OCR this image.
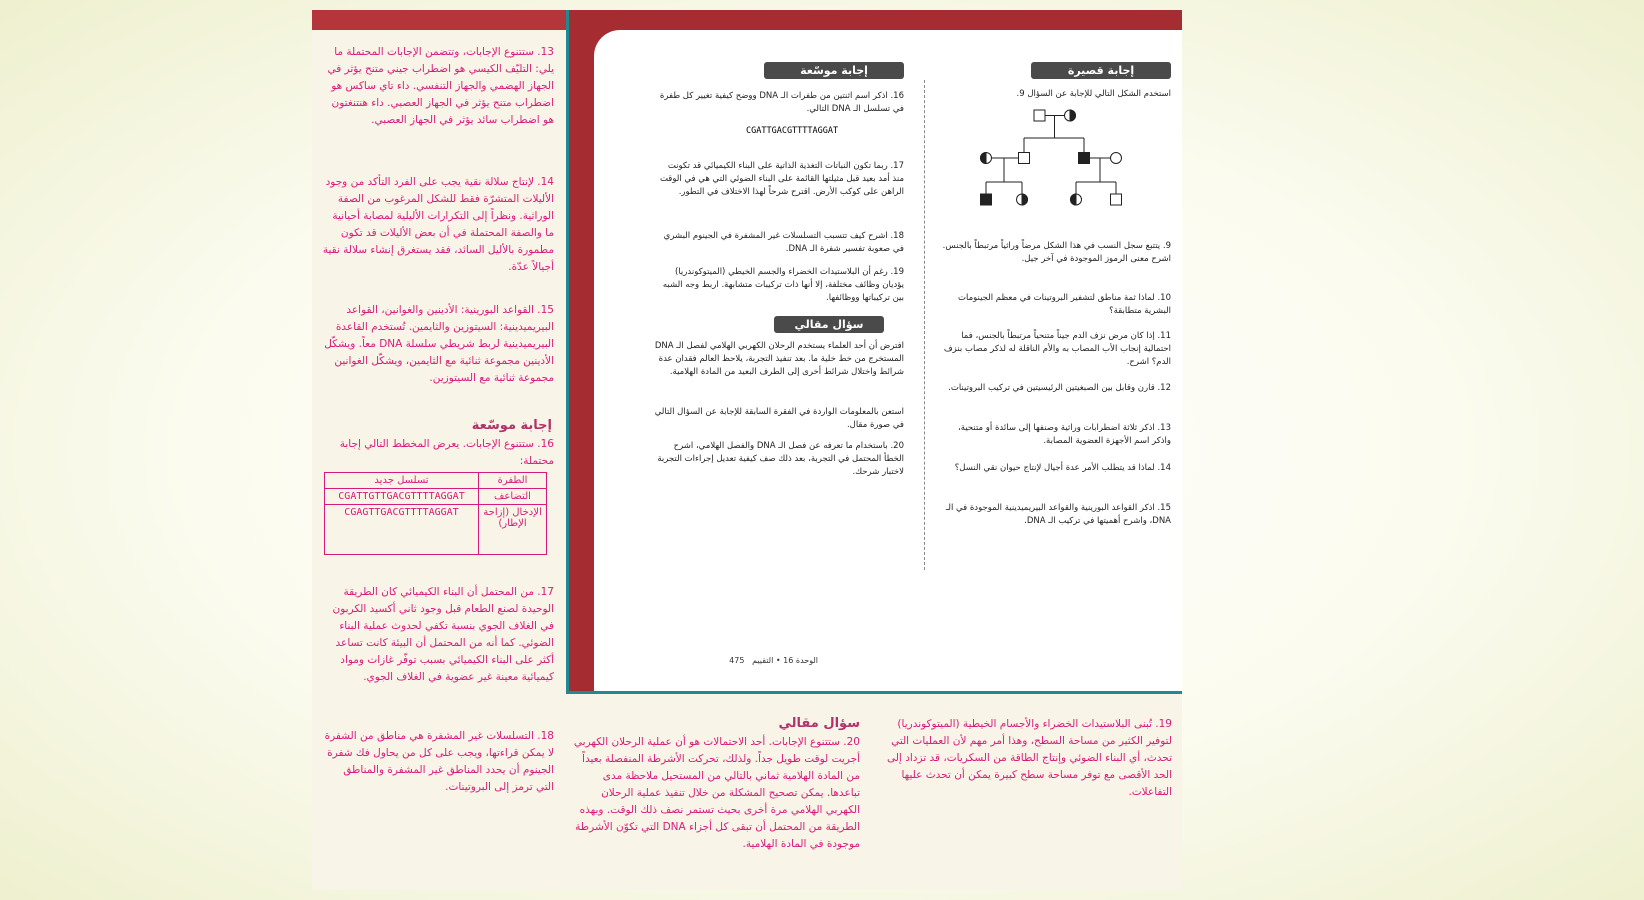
إجابة قصيرة
استخدم الشكل التالي للإجابة عن السؤال 9.
9. يتتبع سجل النسب في هذا الشكل مرضاً وراثياً مرتبطاً بالجنس. اشرح معنى الرموز الموجودة في آخر جيل.
10. لماذا ثمة مناطق لتشفير البروتينات في معظم الجينومات البشرية متطابقة؟
11. إذا كان مرض نزف الدم جيناً متنحياً مرتبطاً بالجنس، فما احتمالية إنجاب الأب المصاب به والأم الناقلة له لذكر مصاب بنزف الدم؟ اشرح.
12. قارن وقابل بين الصبغيتين الرئيسيتين في تركيب البروتينات.
13. اذكر ثلاثة اضطرابات وراثية وصنفها إلى سائدة أو متنحية، واذكر اسم الأجهزة العضوية المصابة.
14. لماذا قد يتطلب الأمر عدة أجيال لإنتاج حيوان نقي النسل؟
15. اذكر القواعد البورينية والقواعد البيريميدينية الموجودة في الـ DNA، واشرح أهميتها في تركيب الـ DNA.
إجابة موسّعة
16. اذكر اسم اثنتين من طفرات الـ DNA ووضح كيفية تغيير كل طفرة في تسلسل الـ DNA التالي.
CGATTGACGTTTTAGGAT
17. ربما تكون النباتات التغذية الذاتية على البناء الكيميائي قد تكونت منذ أمد بعيد قبل مثيلتها القائمة على البناء الضوئي التي هي في الوقت الراهن على كوكب الأرض. اقترح شرحاً لهذا الاختلاف في التطور.
18. اشرح كيف تتسبب التسلسلات غير المشفرة في الجينوم البشري في صعوبة تفسير شفرة الـ DNA.
19. رغم أن البلاستيدات الخضراء والجسم الخيطي (الميتوكوندريا) يؤديان وظائف مختلفة، إلا أنها ذات تركيبات متشابهة. اربط وجه الشبه بين تركيباتها ووظائفها.
سؤال مقالي
افترض أن أحد العلماء يستخدم الرحلان الكهربي الهلامي لفصل الـ DNA المستخرج من خط خلية ما. بعد تنفيذ التجربة، يلاحظ العالم فقدان عدة شرائط واختلال شرائط أخرى إلى الطرف البعيد من المادة الهلامية.
استعن بالمعلومات الواردة في الفقرة السابقة للإجابة عن السؤال التالي في صورة مقال.
20. باستخدام ما تعرفه عن فصل الـ DNA والفصل الهلامي، اشرح الخطأ المحتمل في التجربة، بعد ذلك صف كيفية تعديل إجراءات التجربة لاختبار شرحك.
الوحدة 16 • التقييم   475
13. ستتنوع الإجابات، وتتضمن الإجابات المحتملة ما يلي: التليّف الكيسي هو اضطراب جيني متنح يؤثر في الجهاز الهضمي والجهاز التنفسي. داء تاي ساكس هو اضطراب متنح يؤثر في الجهاز العصبي. داء هنتنغتون هو اضطراب سائد يؤثر في الجهاز العصبي.
14. لإنتاج سلالة نقية يجب على الفرد التأكد من وجود الأليلات المتشرّة فقط للشكل المرغوب من الصفة الوراثية. ونظراً إلى التكرارات الأليلية لمصابة أحيانية ما والصفة المحتملة في أن بعض الأليلات قد تكون مطمورة بالأليل السائد، فقد يستغرق إنشاء سلالة نقية أجيالاً عدّة.
15. القواعد البورينية: الأدينين والغوانين، القواعد البيريميدينية: السيتوزين والثايمين. تُستخدم القاعدة البيريميدينية لربط شريطي سلسلة DNA معاً. ويشكّل الأدينين مجموعة ثنائية مع الثايمين، ويشكّل الغوانين مجموعة ثنائية مع السيتوزين.
إجابة موسّعة
16. ستتنوع الإجابات. يعرض المخطط التالي إجابة محتملة:
الطفرة	تسلسل جديد
التضاعف	CGATTGTTGACGTTTTAGGAT
الإدخال (إزاحة الإطار)	CGAGTTGACGTTTTAGGAT
17. من المحتمل أن البناء الكيميائي كان الطريقة الوحيدة لصنع الطعام قبل وجود ثاني أكسيد الكربون في الغلاف الجوي بنسبة تكفي لحدوث عملية البناء الضوئي. كما أنه من المحتمل أن البيئة كانت تساعد أكثر على البناء الكيميائي بسبب توفّر غازات ومواد كيميائية معينة غير عضوية في الغلاف الجوي.
18. التسلسلات غير المشفرة هي مناطق من الشفرة لا يمكن قراءتها، ويجب على كل من يحاول فك شفرة الجينوم أن يحدد المناطق غير المشفرة والمناطق التي ترمز إلى البروتينات.
سؤال مقالي
20. ستتنوع الإجابات. أحد الاحتمالات هو أن عملية الرحلان الكهربي أجريت لوقت طويل جداً. ولذلك، تحركت الأشرطة المنفصلة بعيداً من المادة الهلامية ثماني بالتالي من المستحيل ملاحظة مدى تباعدها. يمكن تصحيح المشكلة من خلال تنفيذ عملية الرحلان الكهربي الهلامي مرة أخرى بحيث تستمر نصف ذلك الوقت. وبهذه الطريقة من المحتمل أن تبقى كل أجزاء DNA التي تكوّن الأشرطة موجودة في المادة الهلامية.
19. تُبنى البلاستيدات الخضراء والأجسام الخيطية (الميتوكوندريا) لتوفير الكثير من مساحة السطح، وهذا أمر مهم لأن العمليات التي تحدث، أي البناء الضوئي وإنتاج الطاقة من السكريات، قد تزداد إلى الحد الأقصى مع توفر مساحة سطح كبيرة يمكن أن تحدث عليها التفاعلات.
